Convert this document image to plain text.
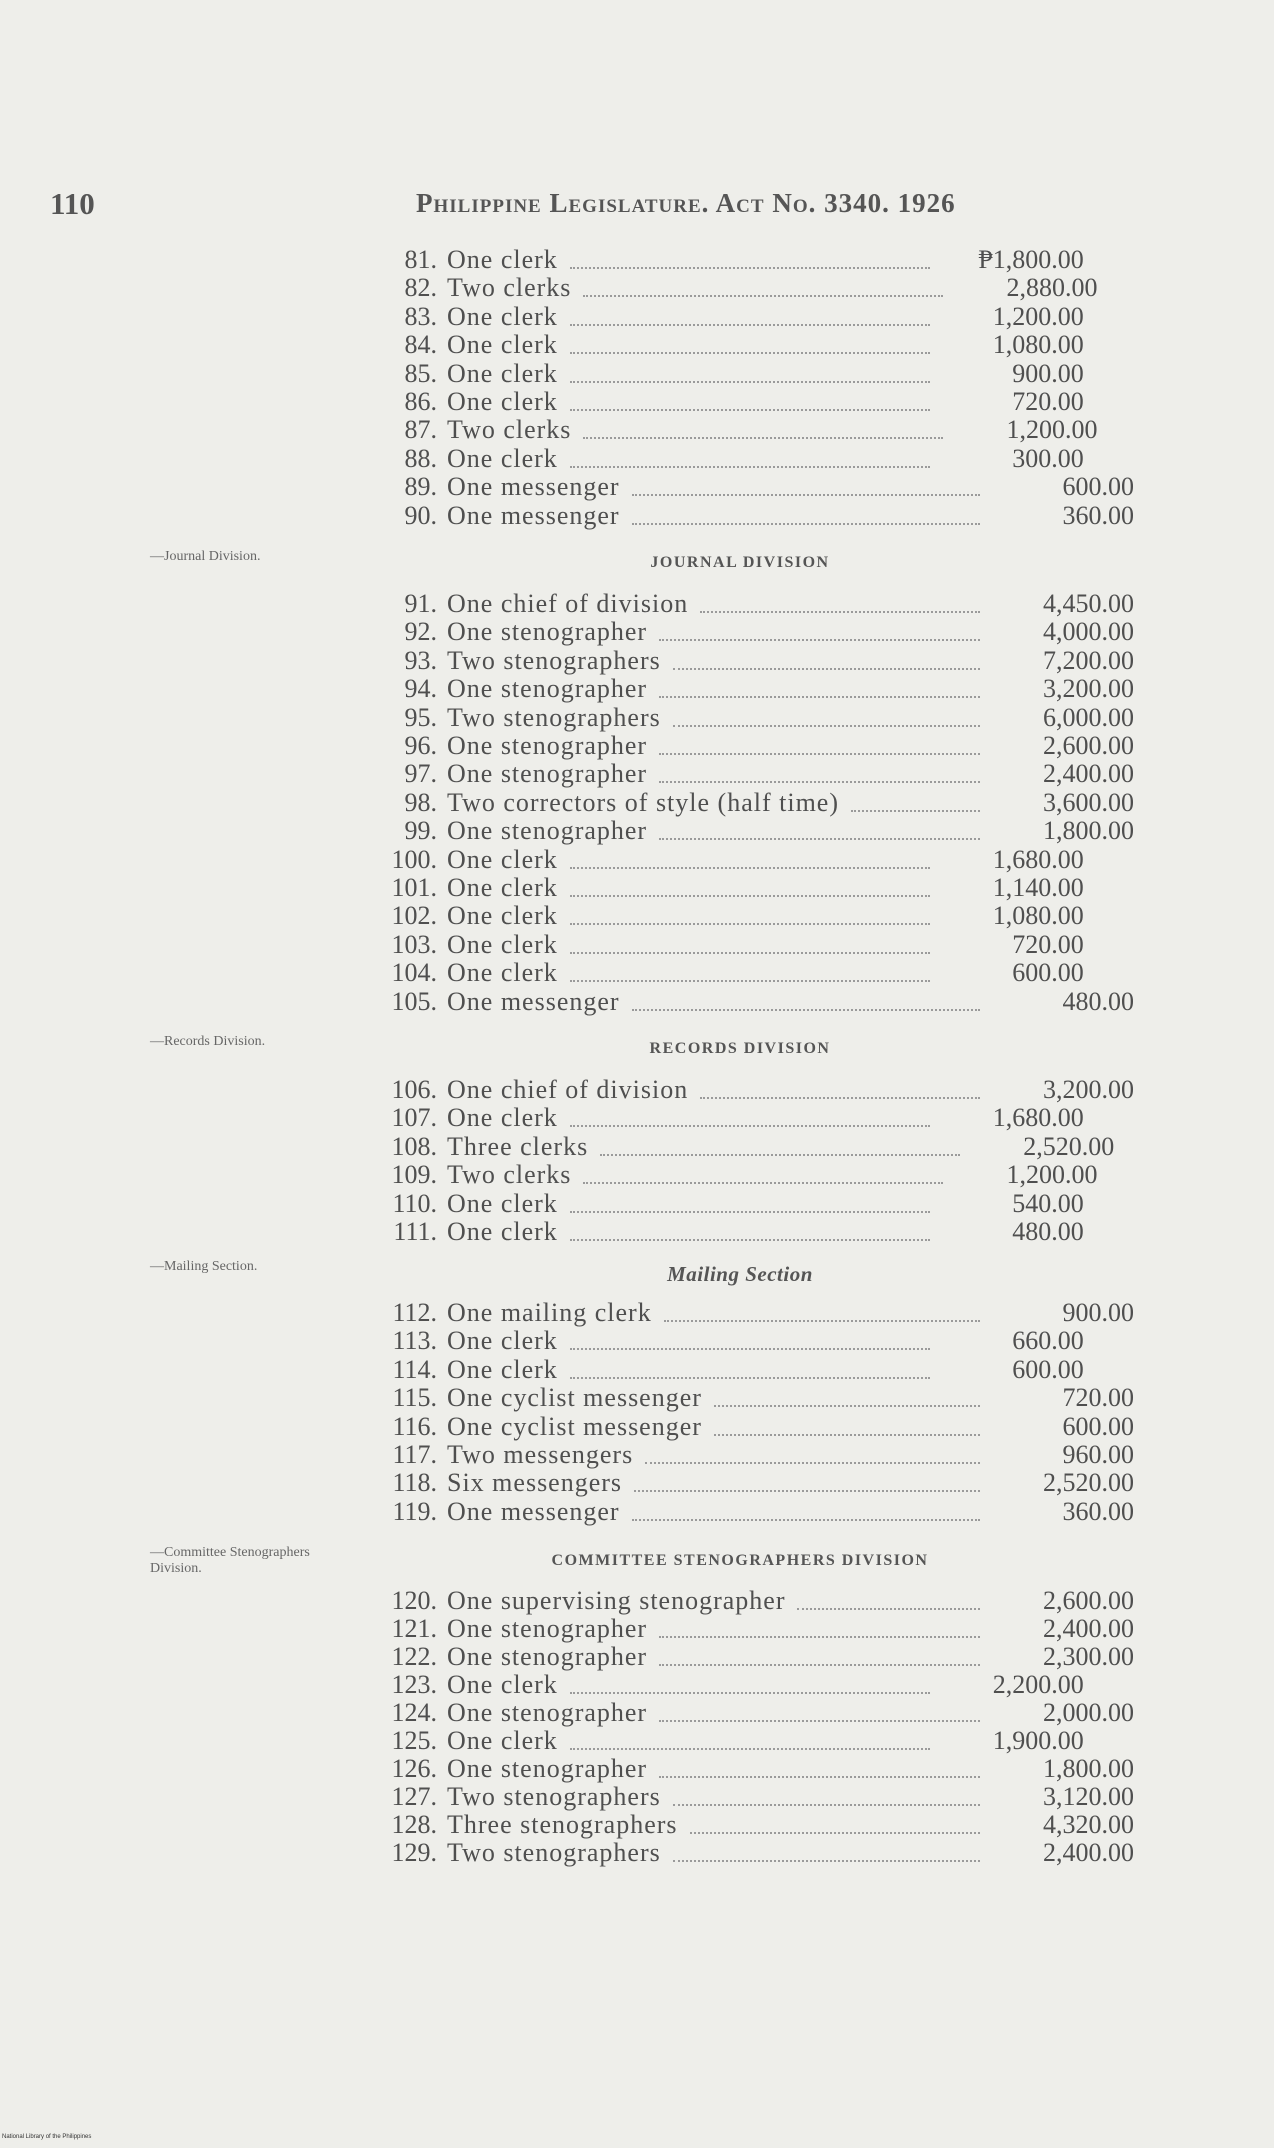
110	Philippine Legislature. Act No. 3340. 1926
—Journal Division.
—Records Division.
—Mailing Section.
—Committee Stenographers Division.
81. One clerk	₱1,800.00
82. Two clerks	2,880.00
83. One clerk	1,200.00
84. One clerk	1,080.00
85. One clerk	900.00
86. One clerk	720.00
87. Two clerks	1,200.00
88. One clerk	300.00
89. One messenger	600.00
90. One messenger	360.00
JOURNAL DIVISION
91. One chief of division	4,450.00
92. One stenographer	4,000.00
93. Two stenographers	7,200.00
94. One stenographer	3,200.00
95. Two stenographers	6,000.00
96. One stenographer	2,600.00
97. One stenographer	2,400.00
98. Two correctors of style (half time)	3,600.00
99. One stenographer	1,800.00
100. One clerk	1,680.00
101. One clerk	1,140.00
102. One clerk	1,080.00
103. One clerk	720.00
104. One clerk	600.00
105. One messenger	480.00
RECORDS DIVISION
106. One chief of division	3,200.00
107. One clerk	1,680.00
108. Three clerks	2,520.00
109. Two clerks	1,200.00
110. One clerk	540.00
111. One clerk	480.00
Mailing Section
112. One mailing clerk	900.00
113. One clerk	660.00
114. One clerk	600.00
115. One cyclist messenger	720.00
116. One cyclist messenger	600.00
117. Two messengers	960.00
118. Six messengers	2,520.00
119. One messenger	360.00
COMMITTEE STENOGRAPHERS DIVISION
120. One supervising stenographer	2,600.00
121. One stenographer	2,400.00
122. One stenographer	2,300.00
123. One clerk	2,200.00
124. One stenographer	2,000.00
125. One clerk	1,900.00
126. One stenographer	1,800.00
127. Two stenographers	3,120.00
128. Three stenographers	4,320.00
129. Two stenographers	2,400.00
National Library of the Philippines
